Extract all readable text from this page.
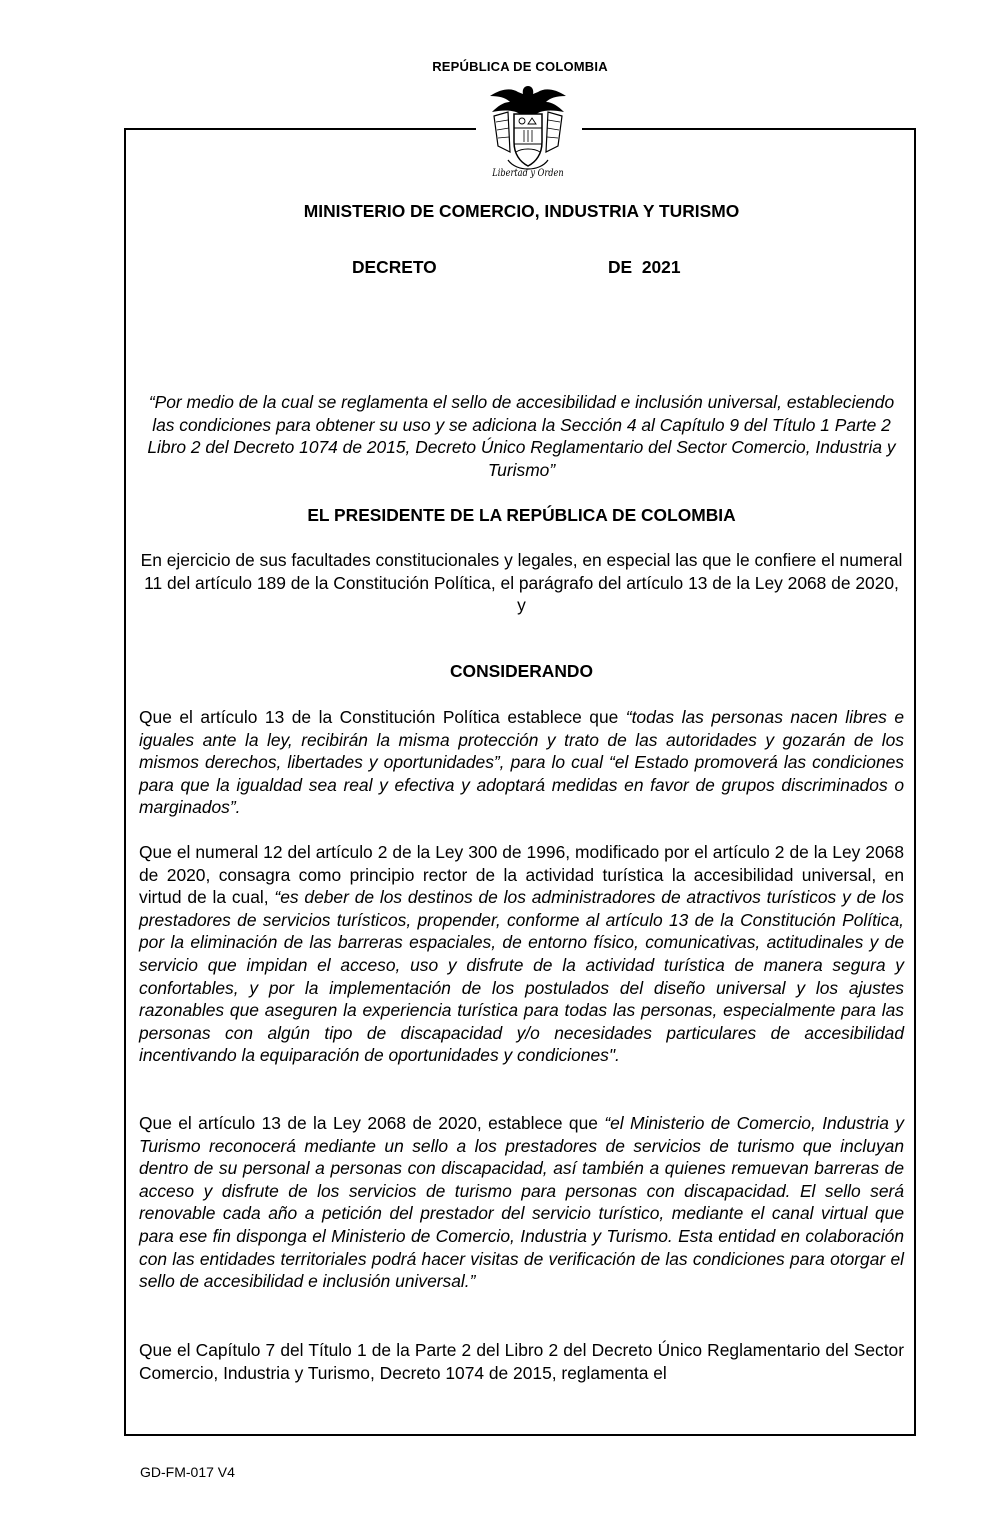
REPÚBLICA DE COLOMBIA
Libertad y Orden
MINISTERIO DE COMERCIO, INDUSTRIA Y TURISMO
DECRETO	DE  2021
“Por medio de la cual se reglamenta el sello de accesibilidad e inclusión universal, estableciendo las condiciones para obtener su uso y se adiciona la Sección 4 al Capítulo 9 del Título 1 Parte 2 Libro 2 del Decreto 1074 de 2015, Decreto Único Reglamentario del Sector Comercio, Industria y Turismo”
EL PRESIDENTE DE LA REPÚBLICA DE COLOMBIA
En ejercicio de sus facultades constitucionales y legales, en especial las que le confiere el numeral 11 del artículo 189 de la Constitución Política, el parágrafo del artículo 13 de la Ley 2068 de 2020, y
CONSIDERANDO
Que el artículo 13 de la Constitución Política establece que “todas las personas nacen libres e iguales ante la ley, recibirán la misma protección y trato de las autoridades y gozarán de los mismos derechos, libertades y oportunidades”, para lo cual “el Estado promoverá las condiciones para que la igualdad sea real y efectiva y adoptará medidas en favor de grupos discriminados o marginados”.
Que el numeral 12 del artículo 2 de la Ley 300 de 1996, modificado por el artículo 2 de la Ley 2068 de 2020, consagra como principio rector de la actividad turística la accesibilidad universal, en virtud de la cual, “es deber de los destinos de los administradores de atractivos turísticos y de los prestadores de servicios turísticos, propender, conforme al artículo 13 de la Constitución Política, por la eliminación de las barreras espaciales, de entorno físico, comunicativas, actitudinales y de servicio que impidan el acceso, uso y disfrute de la actividad turística de manera segura y confortables, y por la implementación de los postulados del diseño universal y los ajustes razonables que aseguren la experiencia turística para todas las personas, especialmente para las personas con algún tipo de discapacidad y/o necesidades particulares de accesibilidad incentivando la equiparación de oportunidades y condiciones".
Que el artículo 13 de la Ley 2068 de 2020, establece que “el Ministerio de Comercio, Industria y Turismo reconocerá mediante un sello a los prestadores de servicios de turismo que incluyan dentro de su personal a personas con discapacidad, así también a quienes remuevan barreras de acceso y disfrute de los servicios de turismo para personas con discapacidad. El sello será renovable cada año a petición del prestador del servicio turístico, mediante el canal virtual que para ese fin disponga el Ministerio de Comercio, Industria y Turismo. Esta entidad en colaboración con las entidades territoriales podrá hacer visitas de verificación de las condiciones para otorgar el sello de accesibilidad e inclusión universal.”
Que el Capítulo 7 del Título 1 de la Parte 2 del Libro 2 del Decreto Único Reglamentario del Sector Comercio, Industria y Turismo, Decreto 1074 de 2015, reglamenta el
GD-FM-017 V4
